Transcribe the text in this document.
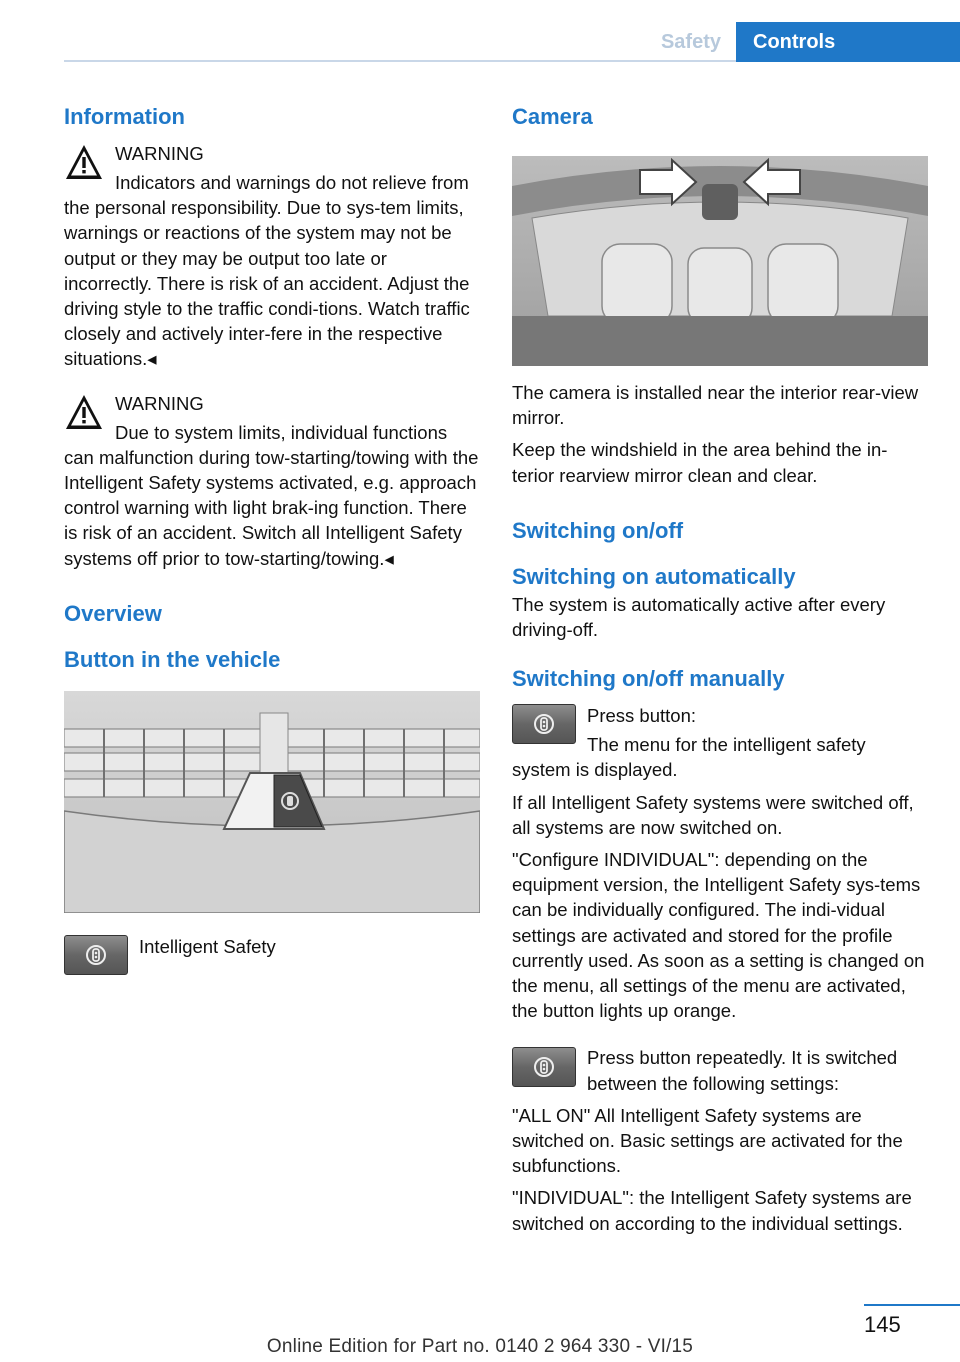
Safety	Controls
Information

WARNING

Indicators and warnings do not relieve from the personal responsibility. Due to sys-tem limits, warnings or reactions of the system may not be output or they may be output too late or incorrectly. There is risk of an accident. Adjust the driving style to the traffic condi-tions. Watch traffic closely and actively inter-fere in the respective situations.◂

WARNING

Due to system limits, individual functions can malfunction during tow-starting/towing with the Intelligent Safety systems activated, e.g. approach control warning with light brak-ing function. There is risk of an accident. Switch all Intelligent Safety systems off prior to tow-starting/towing.◂

Overview
Button in the vehicle

Intelligent Safety

Camera

The camera is installed near the interior rear-view mirror.

Keep the windshield in the area behind the in-terior rearview mirror clean and clear.

Switching on/off
Switching on automatically

The system is automatically active after every driving-off.

Switching on/off manually

Press button:

The menu for the intelligent safety system is displayed.

If all Intelligent Safety systems were switched off, all systems are now switched on.

"Configure INDIVIDUAL": depending on the equipment version, the Intelligent Safety sys-tems can be individually configured. The indi-vidual settings are activated and stored for the profile currently used. As soon as a setting is changed on the menu, all settings of the menu are activated, the button lights up orange.

Press button repeatedly. It is switched between the following settings:

"ALL ON" All Intelligent Safety systems are switched on. Basic settings are activated for the subfunctions.

"INDIVIDUAL": the Intelligent Safety systems are switched on according to the individual settings.

145
Online Edition for Part no. 0140 2 964 330 - VI/15
